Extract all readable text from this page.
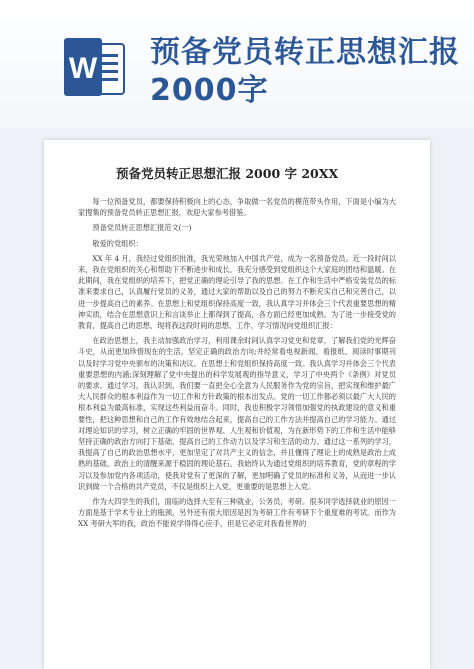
W 预备党员转正思想汇报
2000字
预备党员转正思想汇报 2000 字 20XX

每一位预备党员，都要保持积极向上的心态，争取做一名党员的模范带头作用，下面是小编为大家搜集的预备党员转正思想汇报，欢迎大家参考借鉴。

预备党员转正思想汇报范文(一)

敬爱的党组织：

XX 年 4 月，我经过党组织批准，我光荣地加入中国共产党，成为一名预备党员。近一段时间以来，我在党组织的关心和帮助下不断进步和成长，我充分感受到党组织这个大家庭的团结和温暖。在此期间，我在党组织的培养下，把党正确的理论引导了我的思想。在工作和生活中严格安装党员的标准来要求自己，认真履行党员的义务，通过大家的帮助以及自己的努力不断充实自己和完善自己，以进一步提高自己的素养。在思想上和党组织保持高度一致，我认真学习并体会三个代表重要思想的精神实质，结合在思想意识上和言谈举止上都得到了提高，各方面已经更加成熟。为了进一步接受党的教育，提高自己的思想，现将我这段时间的思想、工作、学习情况向党组织汇报：

在政治思想上，我主动加强政治学习，利用课余时间认真学习党史和党章，了解我们党的光辉奋斗史，从而更加珍惜现在的生活，坚定正确的政治方向;并经常看电视新闻、看报纸、阅读时事期刊以及时学习党中央颁布的决策和决议。在思想上和党组织保持高度一致。我认真学习并体会三个代表重要思想的内涵;深刻理解了党中央提出的科学发展观的指导意义，学习了中央两个《条例》对党员的要求。通过学习，我认识到，我们要一直把全心全意为人民服务作为党的宗旨，把实现和维护最广大人民群众的根本利益作为一切工作和方针政策的根本出发点。党的一切工作都必须以最广大人民的根本利益为最高标准，实现这些利益而奋斗。同时，我也积极学习领悟加强党的执政建设的意义和重要性，把这种思想和自己的工作有效地结合起来，提高自己的工作方法并提高自己的学习能力。通过对理论知识的学习，树立正确的牢固的世界观、人生观和价值观，为在新形势下的工作和生活中能够坚持正确的政治方向打下基础，提高自己的工作动力以及学习和生活的动力。通过这一系列的学习，我提高了自己的政治思想水平，更加坚定了对共产主义的信念，并且懂得了理论上的成熟是政治上成熟的基础，政治上的清醒来源于稳固的理论基石。我始终认为通过党组织的培养教育，党的章程的学习以及参加党内各项活动，使我对党有了更深的了解，更加明确了党员的标准和义务，从而进一步认识到做一个合格的共产党员，不仅是组织上入党，更重要的是思想上入党。

作为大四学生的我们，面临的选择大至有三种就业，公务员，考研。很多同学选择就业的原因一方面是基于学术专业上的瓶颈，另外还有很大原因是因为考研工作有考研下个重度难的考试。而作为 XX 考研大军的我，政治不能说学得得心应手，但是它必定对我看世界的
